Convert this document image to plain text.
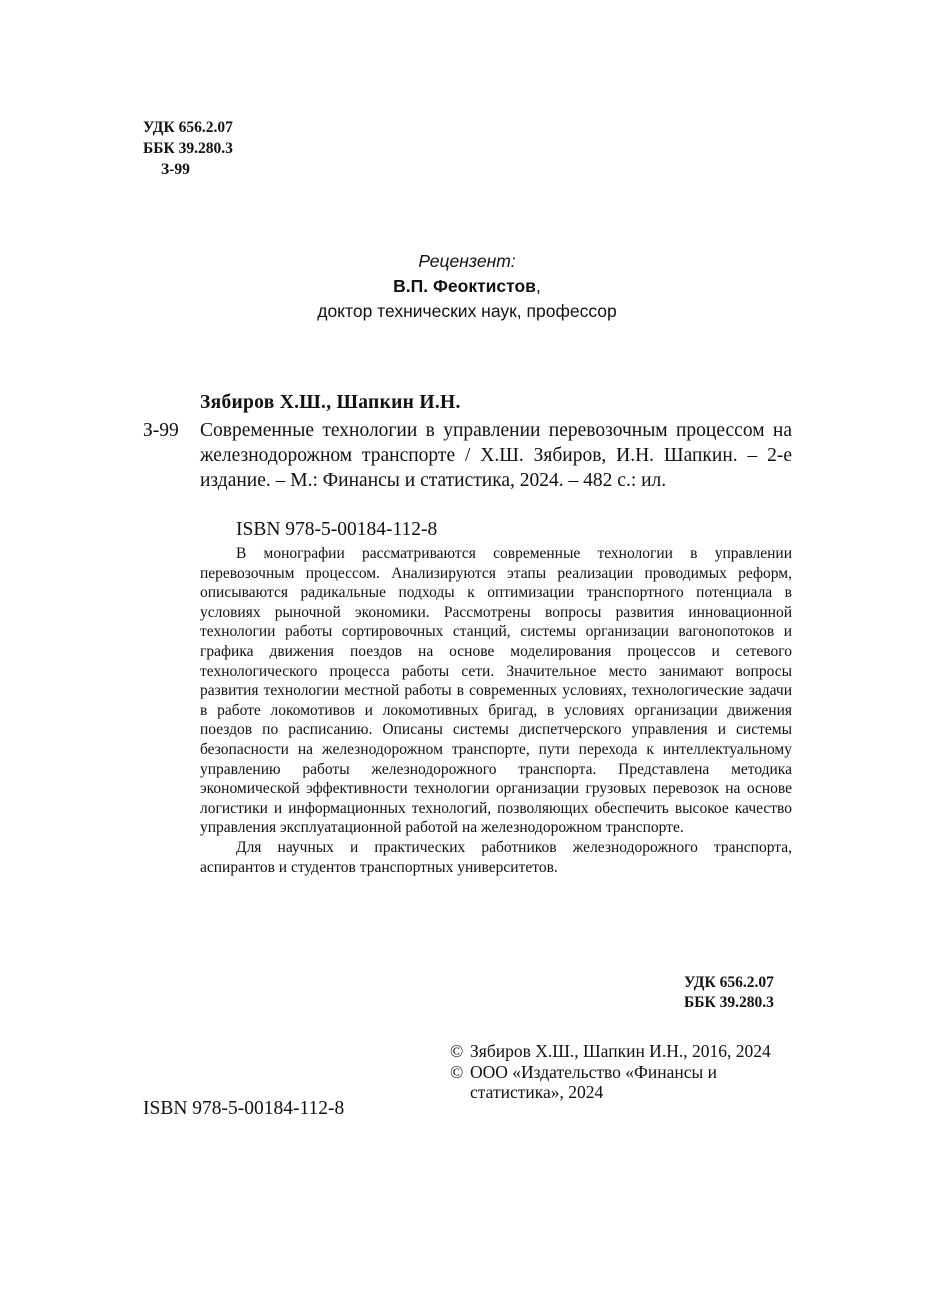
УДК 656.2.07
ББК 39.280.3
З-99
Рецензент:
В.П. Феоктистов,
доктор технических наук, профессор
Зябиров Х.Ш., Шапкин И.Н.
З-99 Современные технологии в управлении перевозочным процессом на железнодорожном транспорте / Х.Ш. Зябиров, И.Н. Шапкин. – 2-е издание. – М.: Финансы и статистика, 2024. – 482 с.: ил.
ISBN 978-5-00184-112-8

В монографии рассматриваются современные технологии в управлении перевозочным процессом. Анализируются этапы реализации проводимых реформ, описываются радикальные подходы к оптимизации транспортного потенциала в условиях рыночной экономики. Рассмотрены вопросы развития инновационной технологии работы сортировочных станций, системы организации вагонопотоков и графика движения поездов на основе моделирования процессов и сетевого технологического процесса работы сети. Значительное место занимают вопросы развития технологии местной работы в современных условиях, технологические задачи в работе локомотивов и локомотивных бригад, в условиях организации движения поездов по расписанию. Описаны системы диспетчерского управления и системы безопасности на железнодорожном транспорте, пути перехода к интеллектуальному управлению работы железнодорожного транспорта. Представлена методика экономической эффективности технологии организации грузовых перевозок на основе логистики и информационных технологий, позволяющих обеспечить высокое качество управления эксплуатационной работой на железнодорожном транспорте.

Для научных и практических работников железнодорожного транспорта, аспирантов и студентов транспортных университетов.

УДК 656.2.07
ББК 39.280.3
© Зябиров Х.Ш., Шапкин И.Н., 2016, 2024
© ООО «Издательство «Финансы и статистика», 2024
ISBN 978-5-00184-112-8
